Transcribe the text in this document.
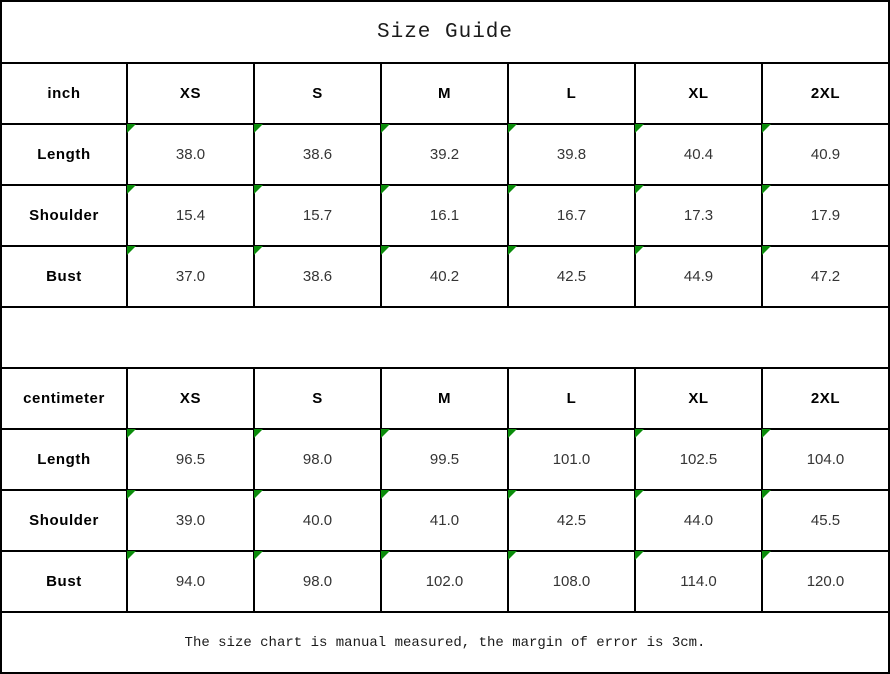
Size Guide						
inch	XS	S	M	L	XL	2XL
Length	38.0	38.6	39.2	39.8	40.4	40.9
Shoulder	15.4	15.7	16.1	16.7	17.3	17.9
Bust	37.0	38.6	40.2	42.5	44.9	47.2

centimeter	XS	S	M	L	XL	2XL
Length	96.5	98.0	99.5	101.0	102.5	104.0
Shoulder	39.0	40.0	41.0	42.5	44.0	45.5
Bust	94.0	98.0	102.0	108.0	114.0	120.0
The size chart is manual measured, the margin of error is 3cm.						
